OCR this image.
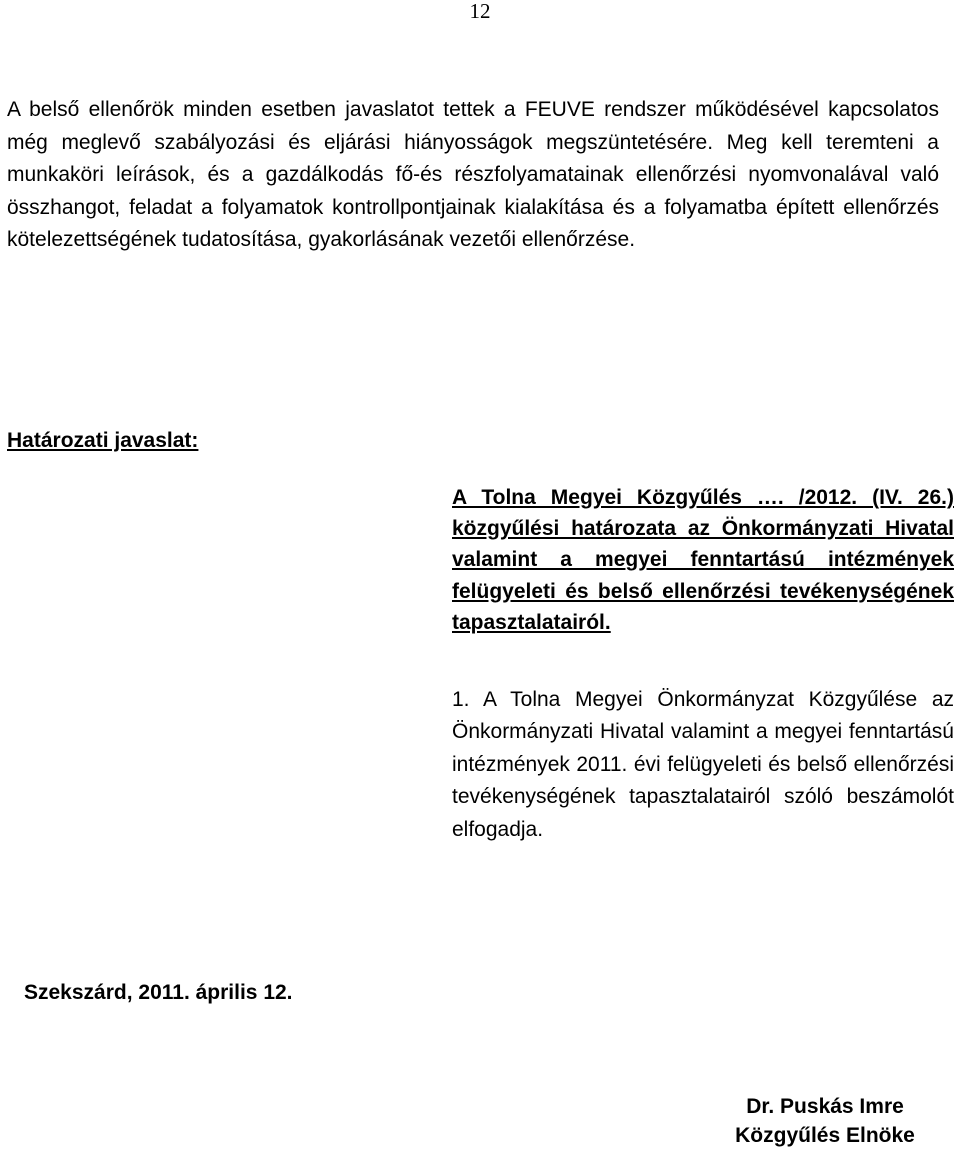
12

A belső ellenőrök minden esetben javaslatot tettek a FEUVE rendszer működésével kapcsolatos még meglevő szabályozási és eljárási hiányosságok megszüntetésére. Meg kell teremteni a munkaköri leírások, és a gazdálkodás fő-és részfolyamatainak ellenőrzési nyomvonalával való összhangot, feladat a folyamatok kontrollpontjainak kialakítása és a folyamatba épített ellenőrzés kötelezettségének tudatosítása, gyakorlásának vezetői ellenőrzése.

Határozati javaslat:

A Tolna Megyei Közgyűlés …. /2012. (IV. 26.) közgyűlési határozata az Önkormányzati Hivatal valamint a megyei fenntartású intézmények felügyeleti és belső ellenőrzési tevékenységének tapasztalatairól.

1. A Tolna Megyei Önkormányzat Közgyűlése az Önkormányzati Hivatal valamint a megyei fenntartású intézmények 2011. évi felügyeleti és belső ellenőrzési tevékenységének tapasztalatairól szóló beszámolót elfogadja.

Szekszárd, 2011. április 12.

Dr. Puskás Imre
Közgyűlés Elnöke
